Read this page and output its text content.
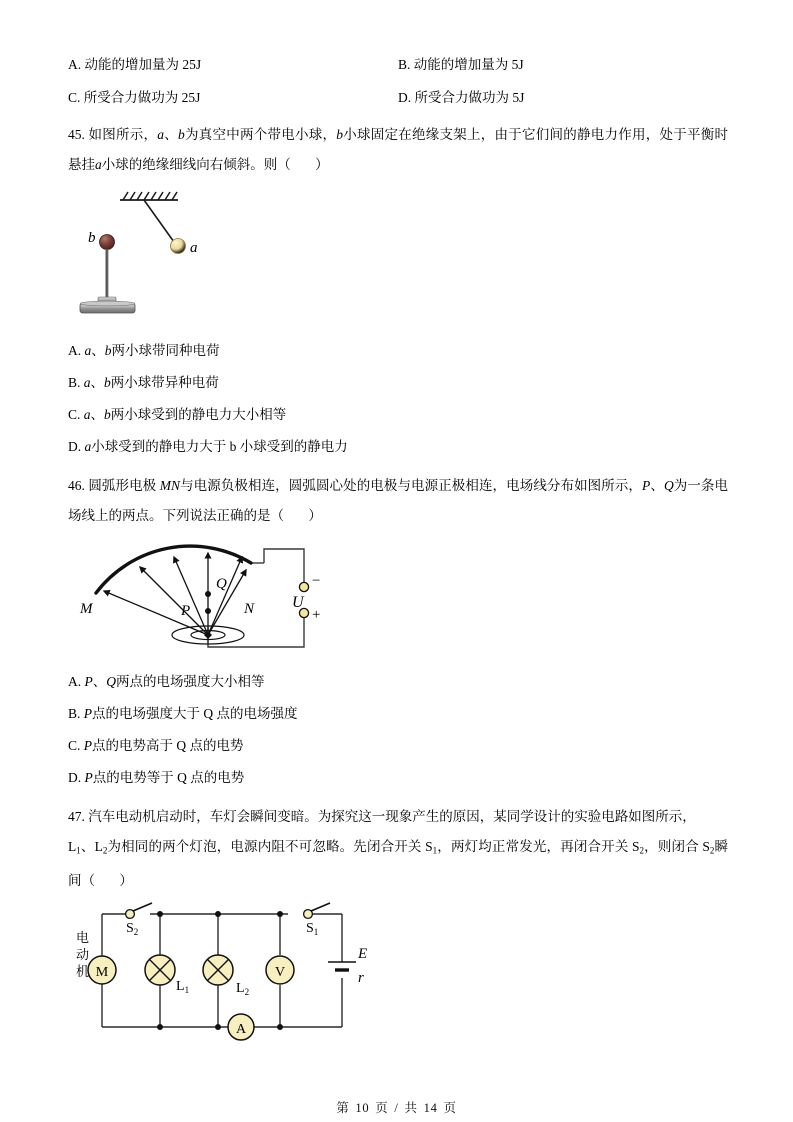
A. 动能的增加量为 25J	B. 动能的增加量为 5J
C. 所受合力做功为 25J	D. 所受合力做功为 5J
45. 如图所示，a、b为真空中两个带电小球，b小球固定在绝缘支架上，由于它们间的静电力作用，处于平衡时悬挂a小球的绝缘细线向右倾斜。则（ ）
a
b
A. a、b两小球带同种电荷
B. a、b两小球带异种电荷
C. a、b两小球受到的静电力大小相等
D. a小球受到的静电力大于 b 小球受到的静电力
46. 圆弧形电极 MN与电源负极相连，圆弧圆心处的电极与电源正极相连，电场线分布如图所示，P、Q为一条电场线上的两点。下列说法正确的是（ ）
Q
P
M	N
−
+
U
A. P、Q两点的电场强度大小相等
B. P点的电场强度大于 Q 点的电场强度
C. P点的电势高于 Q 点的电势
D. P点的电势等于 Q 点的电势
47. 汽车电动机启动时，车灯会瞬间变暗。为探究这一现象产生的原因，某同学设计的实验电路如图所示，
$L_1$、$L_2$为相同的两个灯泡，电源内阻不可忽略。先闭合开关 $S_1$，两灯均正常发光，再闭合开关 $S_2$，则闭合 $S_2$瞬间（ ）
$S_2$	$S_1$
M
$L_1$	$L_2$
V
A
E
r
电 动 机
第 10 页 / 共 14 页
